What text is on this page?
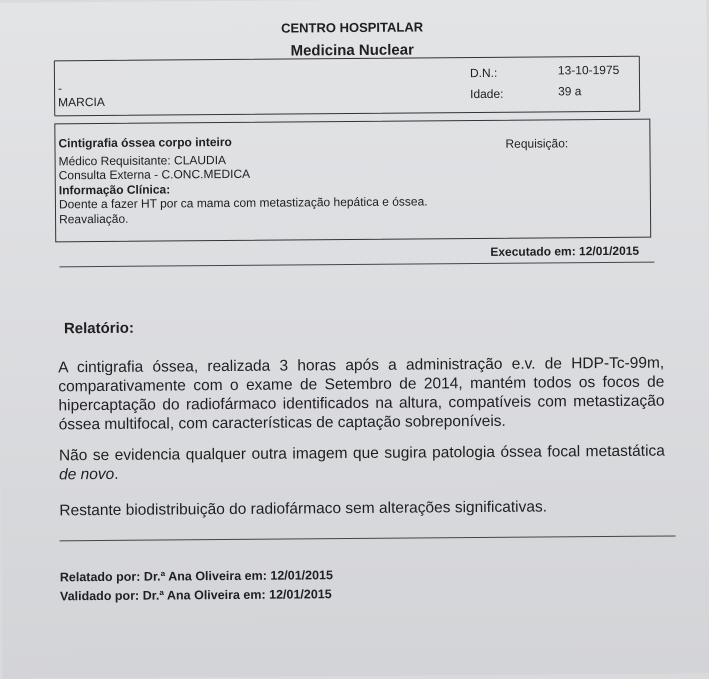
CENTRO HOSPITALAR
Medicina Nuclear
-
MARCIA
D.N.:	13-10-1975
Idade:	39 a
Cintigrafia óssea corpo inteiro	Requisição:
Médico Requisitante: CLAUDIA
Consulta Externa - C.ONC.MEDICA
Informação Clínica:
Doente a fazer HT por ca mama com metastização hepática e óssea.
Reavaliação.
Executado em: 12/01/2015
Relatório:
A cintigrafia óssea, realizada 3 horas após a administração e.v. de HDP-Tc-99m,
comparativamente com o exame de Setembro de 2014, mantém todos os focos de
hipercaptação do radiofármaco identificados na altura, compatíveis com metastização
óssea multifocal, com características de captação sobreponíveis.
Não se evidencia qualquer outra imagem que sugira patologia óssea focal metastática
de novo.
Restante biodistribuição do radiofármaco sem alterações significativas.
Relatado por: Dr.ª Ana Oliveira em: 12/01/2015
Validado por: Dr.ª Ana Oliveira em: 12/01/2015
